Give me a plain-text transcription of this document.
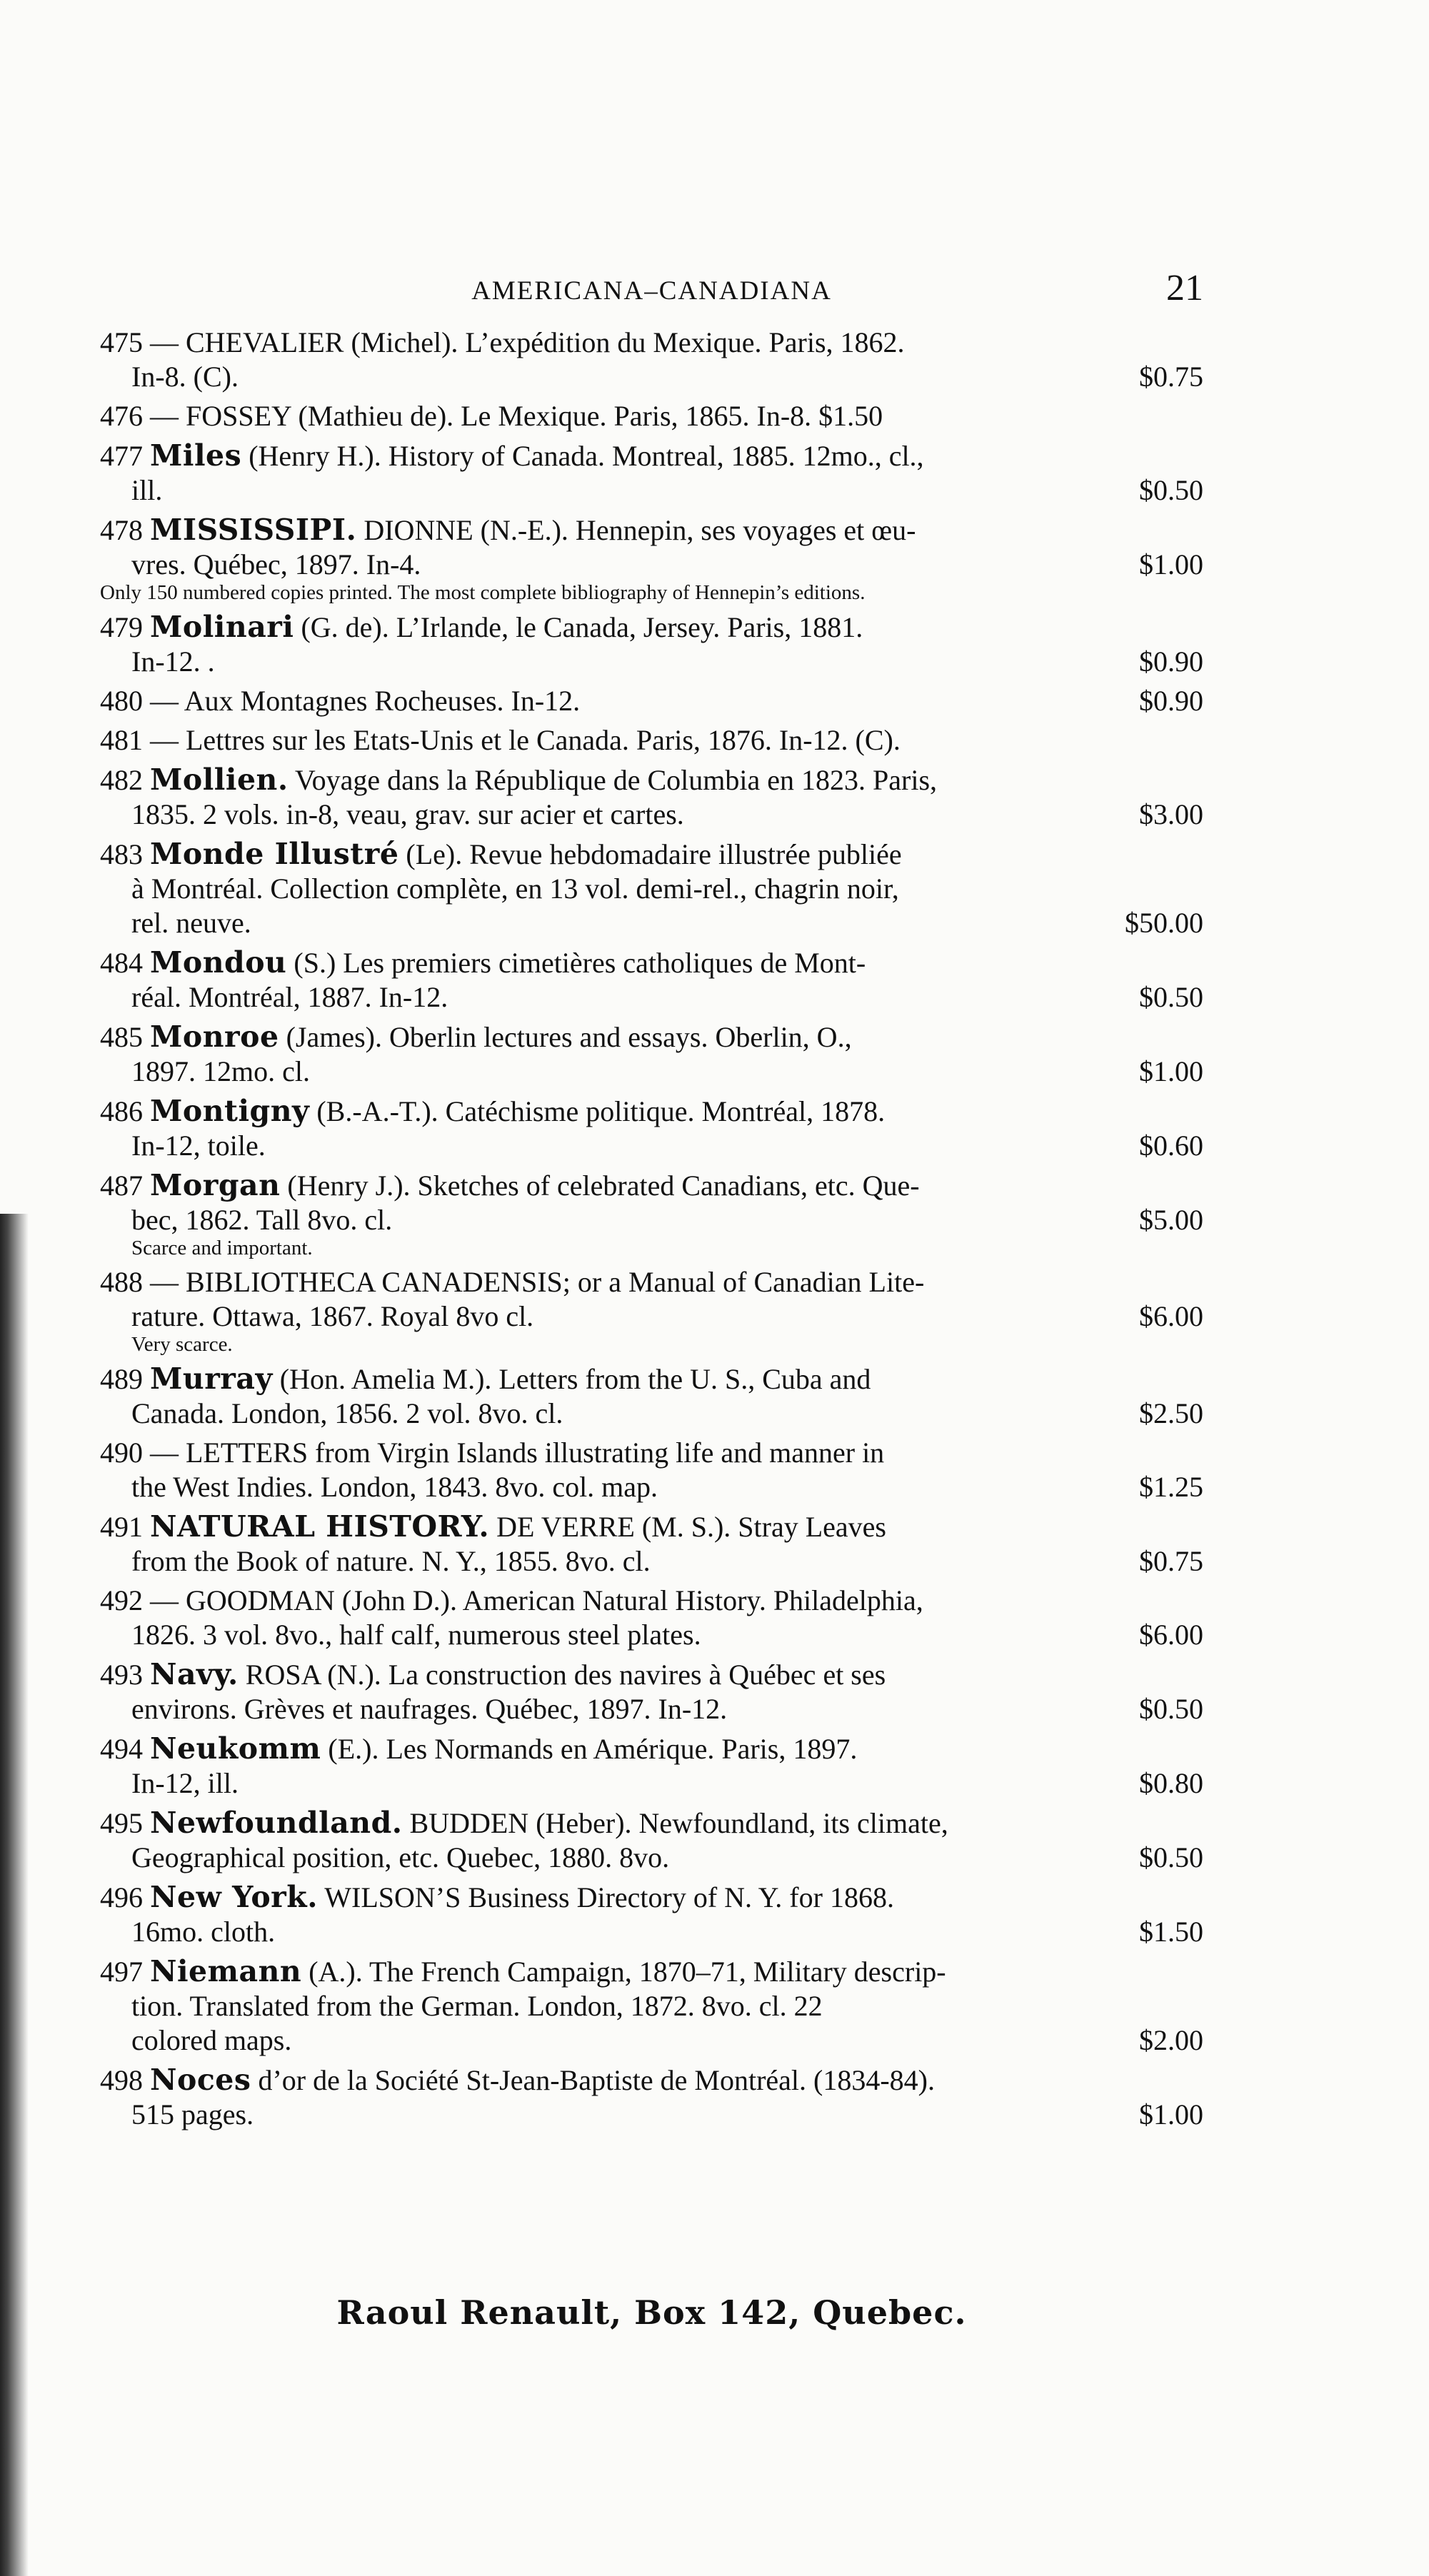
AMERICANA–CANADIANA	21
475 — CHEVALIER (Michel). L’expédition du Mexique. Paris, 1862.
In-8. (C).	$0.75
476 — FOSSEY (Mathieu de). Le Mexique. Paris, 1865. In-8. $1.50
477 Miles (Henry H.). History of Canada. Montreal, 1885. 12mo., cl.,
ill.	$0.50
478 MISSISSIPI. DIONNE (N.-E.). Hennepin, ses voyages et œu-
vres. Québec, 1897. In-4.	$1.00
Only 150 numbered copies printed. The most complete bibliography of Hennepin’s editions.
479 Molinari (G. de). L’Irlande, le Canada, Jersey. Paris, 1881.
In-12. .	$0.90
480 — Aux Montagnes Rocheuses. In-12.	$0.90
481 — Lettres sur les Etats-Unis et le Canada. Paris, 1876. In-12. (C).
482 Mollien. Voyage dans la République de Columbia en 1823. Paris,
1835. 2 vols. in-8, veau, grav. sur acier et cartes.	$3.00
483 Monde Illustré (Le). Revue hebdomadaire illustrée publiée
à Montréal. Collection complète, en 13 vol. demi-rel., chagrin noir,
rel. neuve.	$50.00
484 Mondou (S.) Les premiers cimetières catholiques de Mont-
réal. Montréal, 1887. In-12.	$0.50
485 Monroe (James). Oberlin lectures and essays. Oberlin, O.,
1897. 12mo. cl.	$1.00
486 Montigny (B.-A.-T.). Catéchisme politique. Montréal, 1878.
In-12, toile.	$0.60
487 Morgan (Henry J.). Sketches of celebrated Canadians, etc. Que-
bec, 1862. Tall 8vo. cl.	$5.00
Scarce and important.
488 — BIBLIOTHECA CANADENSIS; or a Manual of Canadian Lite-
rature. Ottawa, 1867. Royal 8vo cl.	$6.00
Very scarce.
489 Murray (Hon. Amelia M.). Letters from the U. S., Cuba and
Canada. London, 1856. 2 vol. 8vo. cl.	$2.50
490 — LETTERS from Virgin Islands illustrating life and manner in
the West Indies. London, 1843. 8vo. col. map.	$1.25
491 NATURAL HISTORY. DE VERRE (M. S.). Stray Leaves
from the Book of nature. N. Y., 1855. 8vo. cl.	$0.75
492 — GOODMAN (John D.). American Natural History. Philadelphia,
1826. 3 vol. 8vo., half calf, numerous steel plates.	$6.00
493 Navy. ROSA (N.). La construction des navires à Québec et ses
environs. Grèves et naufrages. Québec, 1897. In-12.	$0.50
494 Neukomm (E.). Les Normands en Amérique. Paris, 1897.
In-12, ill.	$0.80
495 Newfoundland. BUDDEN (Heber). Newfoundland, its climate,
Geographical position, etc. Quebec, 1880. 8vo.	$0.50
496 New York. WILSON’S Business Directory of N. Y. for 1868.
16mo. cloth.	$1.50
497 Niemann (A.). The French Campaign, 1870–71, Military descrip-
tion. Translated from the German. London, 1872. 8vo. cl. 22
colored maps.	$2.00
498 Noces d’or de la Société St-Jean-Baptiste de Montréal. (1834-84).
515 pages.	$1.00
Raoul Renault, Box 142, Quebec.
